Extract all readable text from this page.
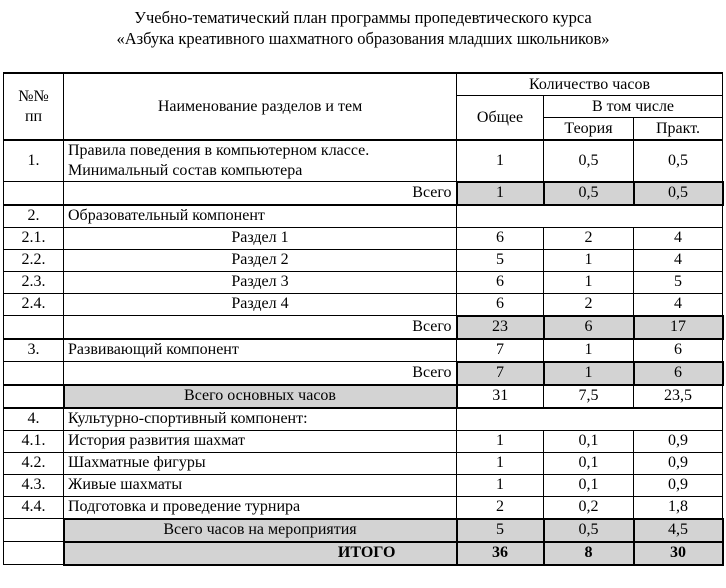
Учебно-тематический план программы пропедевтического курса
«Азбука креативного шахматного образования младших школьников»
№№ пп	Наименование разделов и тем	Количество часов		
		Общее	В том числе	
			Теория	Практ.
1.	Правила поведения в компьютерном классе.
Минимальный состав компьютера	1	0,5	0,5
	Всего	1	0,5	0,5
2.	Образовательный компонент			
2.1.	Раздел 1	6	2	4
2.2.	Раздел 2	5	1	4
2.3.	Раздел 3	6	1	5
2.4.	Раздел 4	6	2	4
	Всего	23	6	17
3.	Развивающий компонент	7	1	6
	Всего	7	1	6
	Всего основных часов	31	7,5	23,5
4.	Культурно-спортивный компонент:			
4.1.	История развития шахмат	1	0,1	0,9
4.2.	Шахматные фигуры	1	0,1	0,9
4.3.	Живые шахматы	1	0,1	0,9
4.4.	Подготовка и проведение турнира	2	0,2	1,8
	Всего часов на мероприятия	5	0,5	4,5
	ИТОГО	36	8	30
